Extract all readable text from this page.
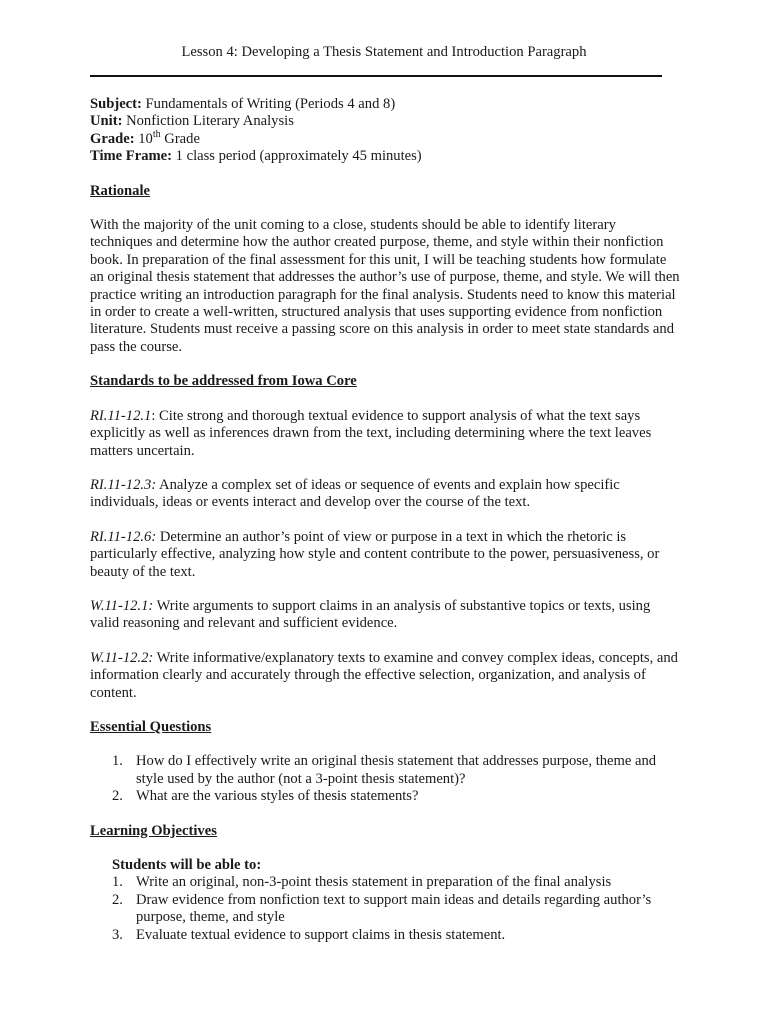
Lesson 4: Developing a Thesis Statement and Introduction Paragraph

Subject: Fundamentals of Writing (Periods 4 and 8)

Unit: Nonfiction Literary Analysis

Grade: 10th Grade

Time Frame: 1 class period (approximately 45 minutes)

Rationale

With the majority of the unit coming to a close, students should be able to identify literary techniques and determine how the author created purpose, theme, and style within their nonfiction book. In preparation of the final assessment for this unit, I will be teaching students how formulate an original thesis statement that addresses the author’s use of purpose, theme, and style. We will then practice writing an introduction paragraph for the final analysis. Students need to know this material in order to create a well-written, structured analysis that uses supporting evidence from nonfiction literature. Students must receive a passing score on this analysis in order to meet state standards and pass the course.

Standards to be addressed from Iowa Core

RI.11-12.1: Cite strong and thorough textual evidence to support analysis of what the text says explicitly as well as inferences drawn from the text, including determining where the text leaves matters uncertain.

RI.11-12.3: Analyze a complex set of ideas or sequence of events and explain how specific individuals, ideas or events interact and develop over the course of the text.

RI.11-12.6: Determine an author’s point of view or purpose in a text in which the rhetoric is particularly effective, analyzing how style and content contribute to the power, persuasiveness, or beauty of the text.

W.11-12.1: Write arguments to support claims in an analysis of substantive topics or texts, using valid reasoning and relevant and sufficient evidence.

W.11-12.2: Write informative/explanatory texts to examine and convey complex ideas, concepts, and information clearly and accurately through the effective selection, organization, and analysis of content.

Essential Questions
1. How do I effectively write an original thesis statement that addresses purpose, theme and style used by the author (not a 3-point thesis statement)?
2. What are the various styles of thesis statements?
Learning Objectives

Students will be able to:

1. Write an original, non-3-point thesis statement in preparation of the final analysis
2. Draw evidence from nonfiction text to support main ideas and details regarding author’s purpose, theme, and style
3. Evaluate textual evidence to support claims in thesis statement.
